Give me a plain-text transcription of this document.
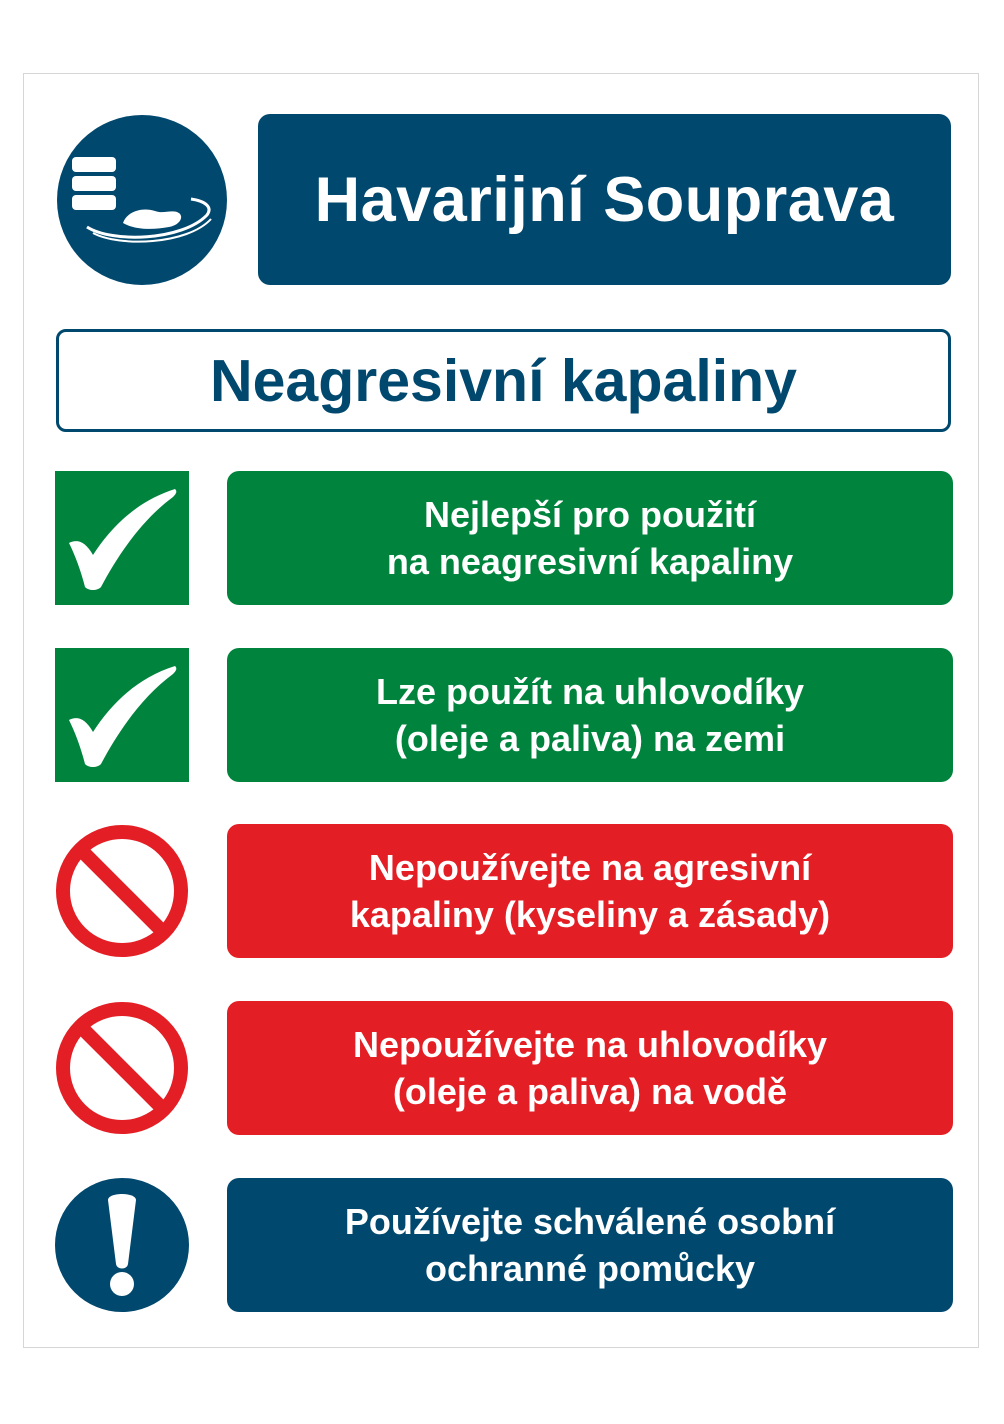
Havarijní Souprava
Neagresivní kapaliny
Nejlepší pro použití
na neagresivní kapaliny
Lze použít na uhlovodíky
(oleje a paliva) na zemi
Nepoužívejte na agresivní
kapaliny (kyseliny a zásady)
Nepoužívejte na uhlovodíky
(oleje a paliva) na vodě
Používejte schválené osobní
ochranné pomůcky
